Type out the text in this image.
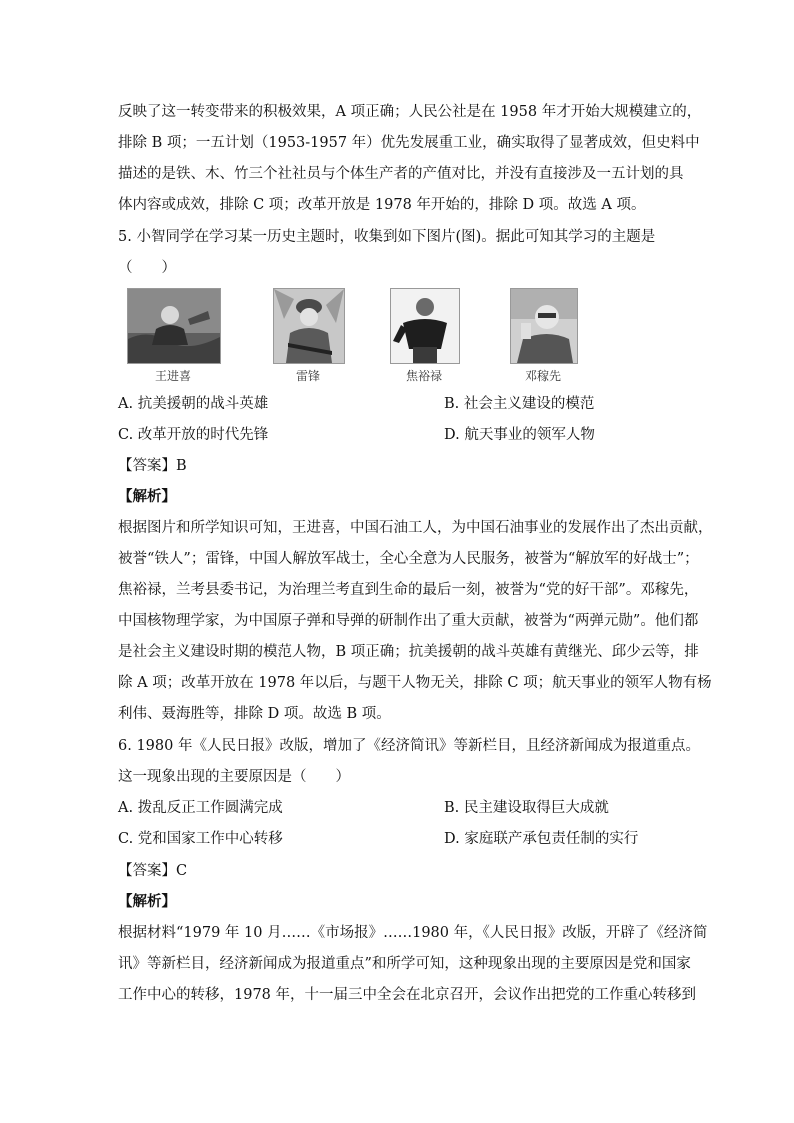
反映了这一转变带来的积极效果，A 项正确；人民公社是在 1958 年才开始大规模建立的，
排除 B 项；一五计划（1953-1957 年）优先发展重工业，确实取得了显著成效，但史料中
描述的是铁、木、竹三个社社员与个体生产者的产值对比，并没有直接涉及一五计划的具
体内容或成效，排除 C 项；改革开放是 1978 年开始的，排除 D 项。故选 A 项。
5. 小智同学在学习某一历史主题时，收集到如下图片(图)。据此可知其学习的主题是
（　　）
王进喜	雷锋	焦裕禄	邓稼先
A. 抗美援朝的战斗英雄	B. 社会主义建设的模范
C. 改革开放的时代先锋	D. 航天事业的领军人物
【答案】B
【解析】
根据图片和所学知识可知，王进喜，中国石油工人，为中国石油事业的发展作出了杰出贡献，
被誉“铁人”；雷锋，中国人解放军战士，全心全意为人民服务，被誉为“解放军的好战士”；
焦裕禄，兰考县委书记，为治理兰考直到生命的最后一刻，被誉为“党的好干部”。邓稼先，
中国核物理学家，为中国原子弹和导弹的研制作出了重大贡献，被誉为“两弹元勋”。他们都
是社会主义建设时期的模范人物，B 项正确；抗美援朝的战斗英雄有黄继光、邱少云等，排
除 A 项；改革开放在 1978 年以后，与题干人物无关，排除 C 项；航天事业的领军人物有杨
利伟、聂海胜等，排除 D 项。故选 B 项。
6. 1980 年《人民日报》改版，增加了《经济简讯》等新栏目，且经济新闻成为报道重点。
这一现象出现的主要原因是（　　）
A. 拨乱反正工作圆满完成	B. 民主建设取得巨大成就
C. 党和国家工作中心转移	D. 家庭联产承包责任制的实行
【答案】C
【解析】
根据材料“1979 年 10 月……《市场报》……1980 年，《人民日报》改版，开辟了《经济简
讯》等新栏目，经济新闻成为报道重点”和所学可知，这种现象出现的主要原因是党和国家
工作中心的转移，1978 年，十一届三中全会在北京召开，会议作出把党的工作重心转移到
